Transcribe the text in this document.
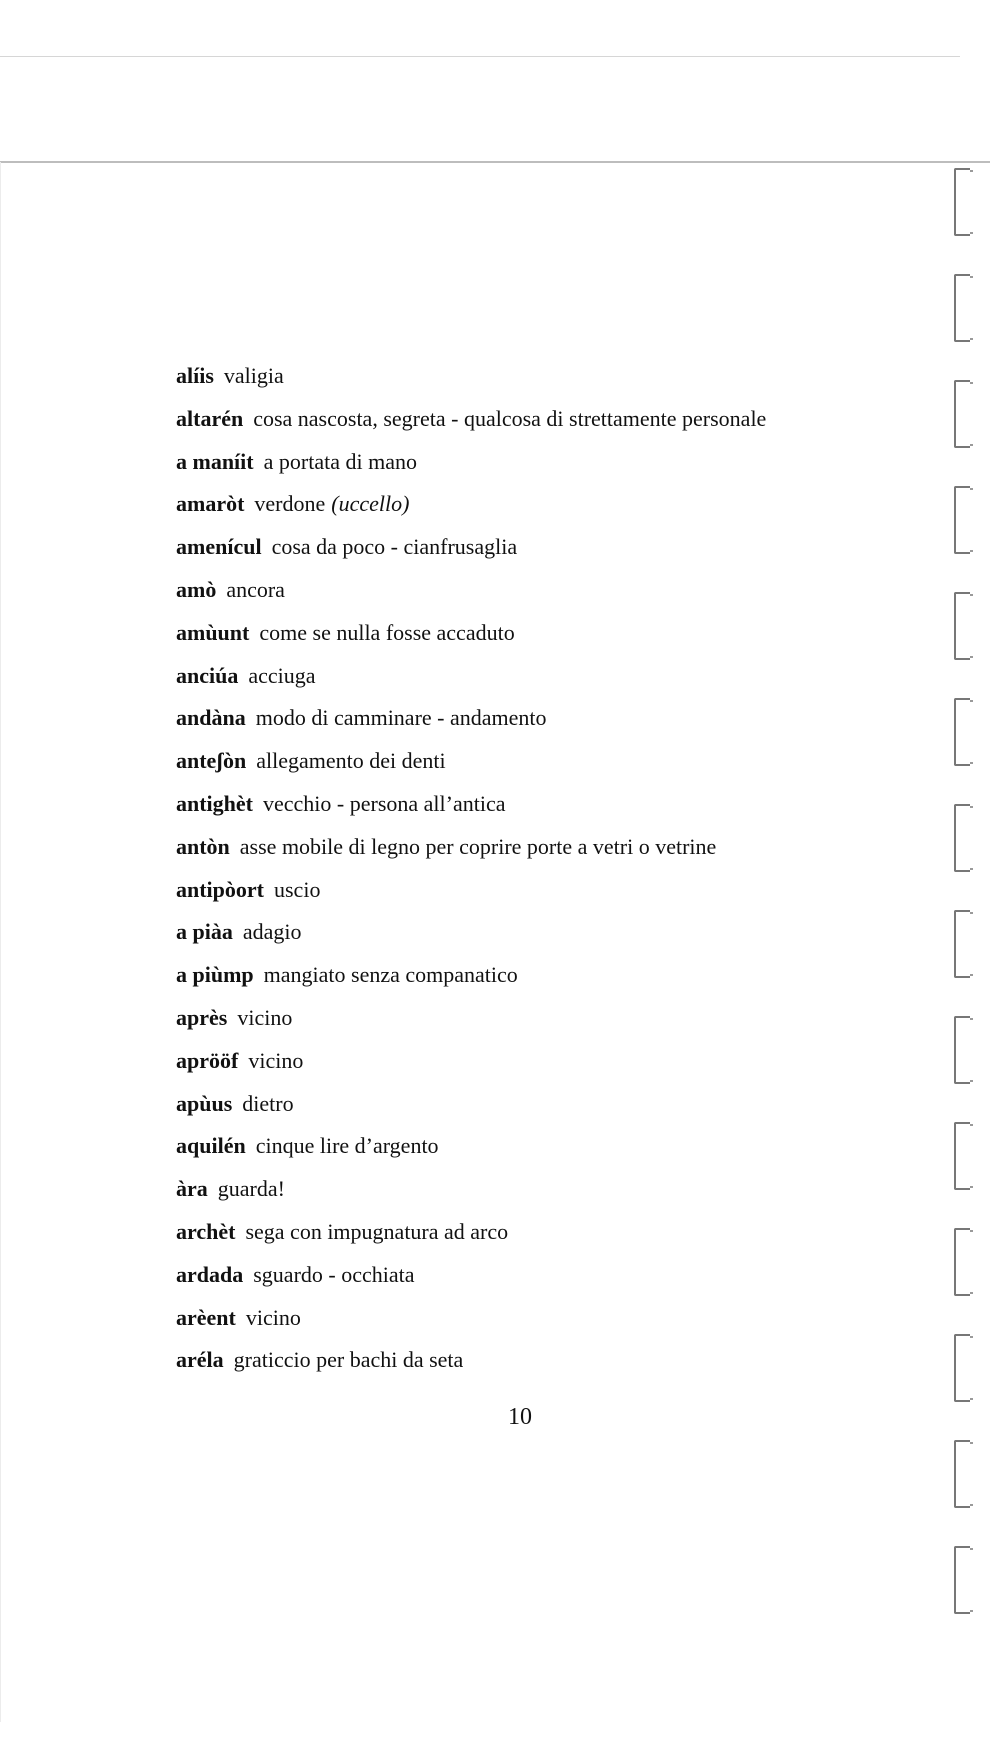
alíis valigia
altarén cosa nascosta, segreta - qualcosa di strettamente personale
a maníit a portata di mano
amaròt verdone (uccello)
amenícul cosa da poco - cianfrusaglia
amò ancora
amùunt come se nulla fosse accaduto
anciúa acciuga
andàna modo di camminare - andamento
anteʃòn allegamento dei denti
antighèt vecchio - persona all’antica
antòn asse mobile di legno per coprire porte a vetri o vetrine
antipòort uscio
a piàa adagio
a piùmp mangiato senza companatico
après vicino
aprööf vicino
apùus dietro
aquilén cinque lire d’argento
àra guarda!
archèt sega con impugnatura ad arco
ardada sguardo - occhiata
arèent vicino
aréla graticcio per bachi da seta
10
